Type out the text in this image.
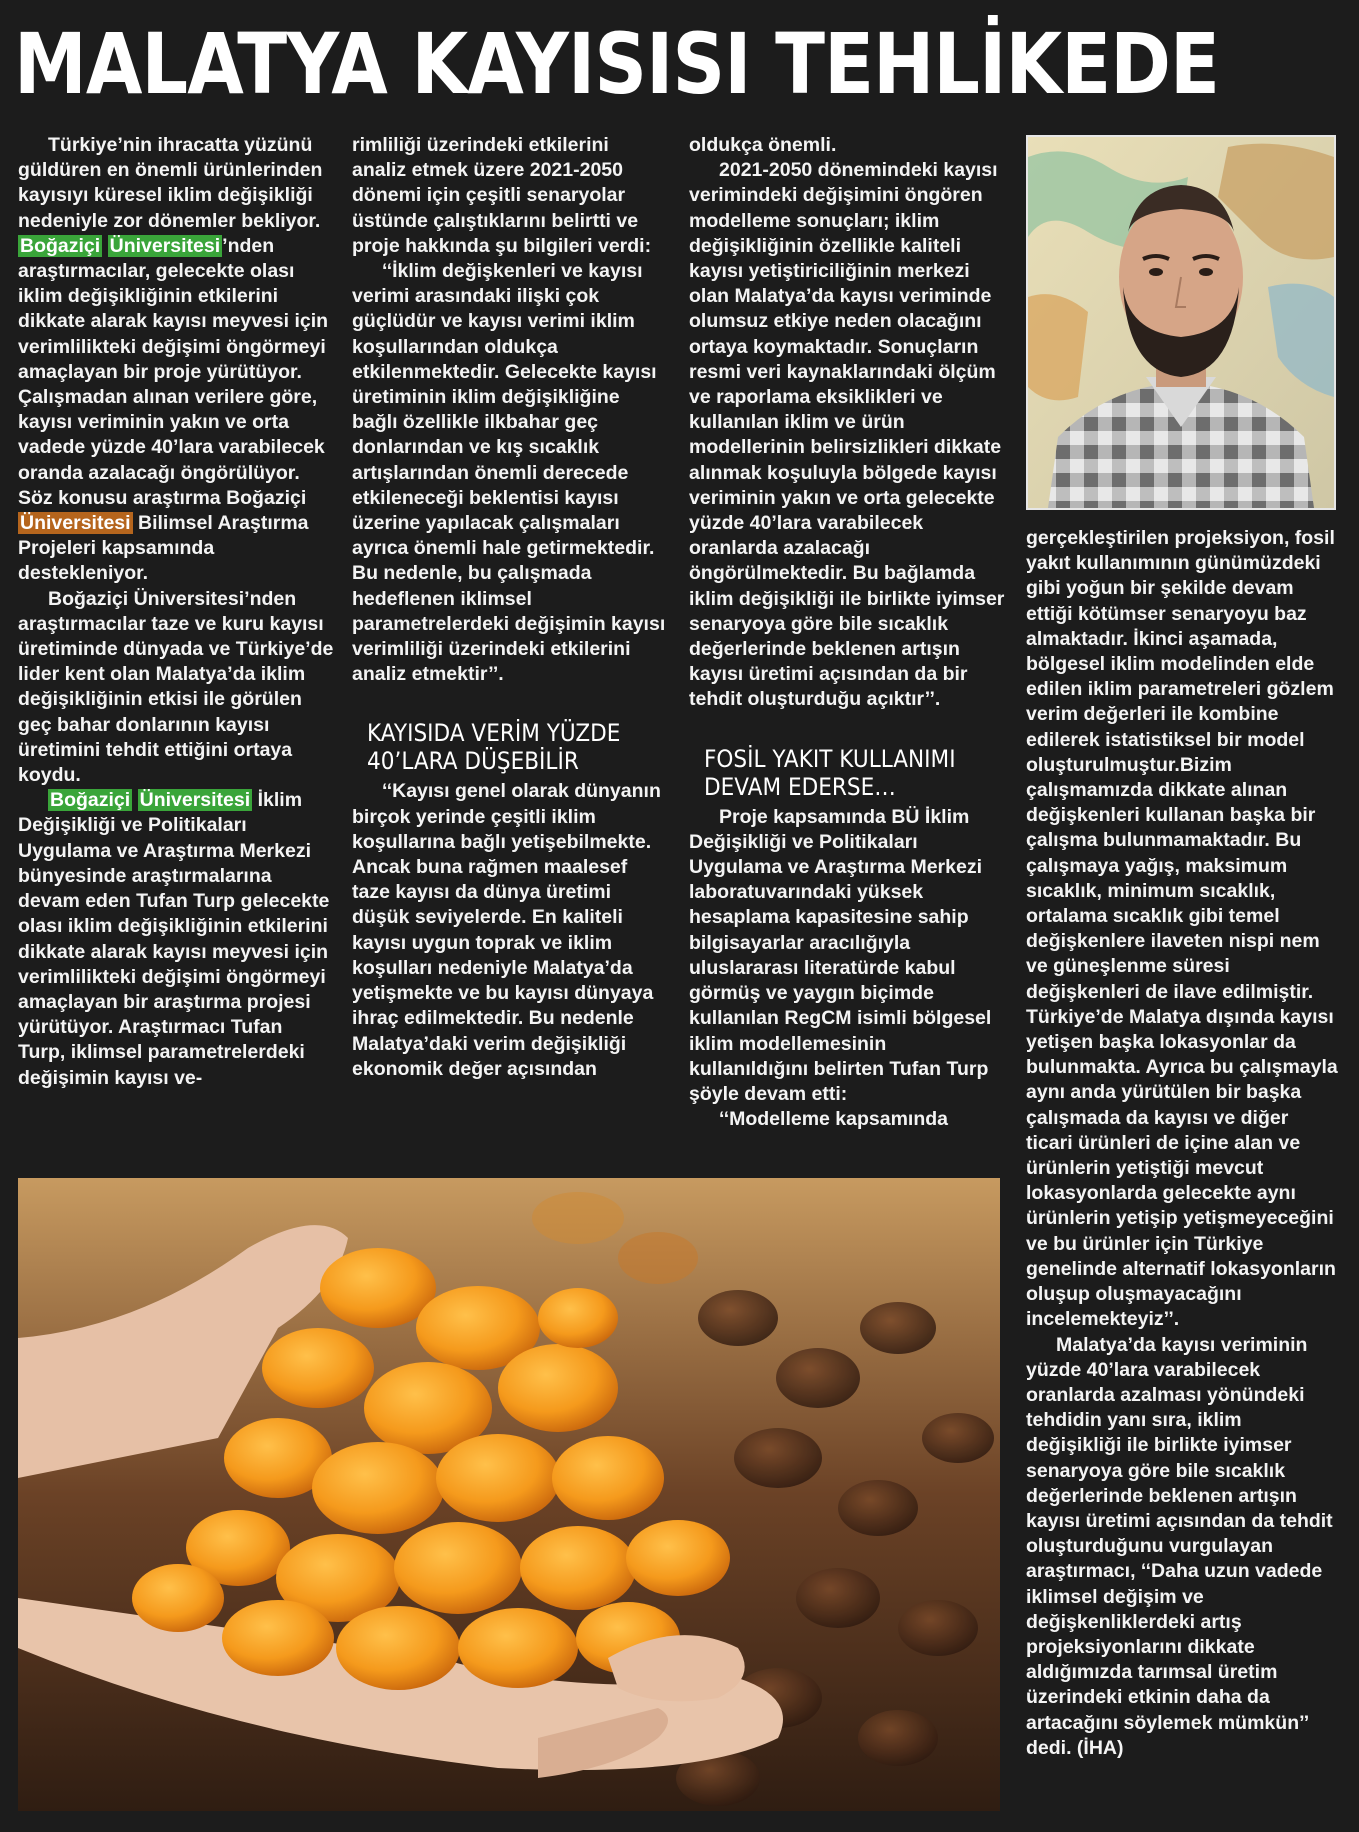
MALATYA KAYISISI TEHLİKEDE

Türkiye’nin ihracatta yüzünü güldüren en önemli ürünlerinden kayısıyı küresel iklim değişikliği nedeniyle zor dönemler bekliyor. Boğaziçi Üniversitesi ’nden araştırmacılar, gelecekte olası iklim değişikliğinin etkilerini dikkate alarak kayısı meyvesi için verimlilikteki değişimi öngörmeyi amaçlayan bir proje yürütüyor. Çalışmadan alınan verilere göre, kayısı veriminin yakın ve orta vadede yüzde 40’lara varabilecek oranda azalacağı öngörülüyor. Söz konusu araştırma Boğaziçi Üniversitesi Bilimsel Araştırma Projeleri kapsamında destekleniyor.

Boğaziçi Üniversitesi’nden araştırmacılar taze ve kuru kayısı üretiminde dünyada ve Türkiye’de lider kent olan Malatya’da iklim değişikliğinin etkisi ile görülen geç bahar donlarının kayısı üretimini tehdit ettiğini ortaya koydu.

Boğaziçi Üniversitesi İklim Değişikliği ve Politikaları Uygulama ve Araştırma Merkezi bünyesinde araştırmalarına devam eden Tufan Turp gelecekte olası iklim değişikliğinin etkilerini dikkate alarak kayısı meyvesi için verimlilikteki değişimi öngörmeyi amaçlayan bir araştırma projesi yürütüyor. Araştırmacı Tufan Turp, iklimsel parametrelerdeki değişimin kayısı ve-

rimliliği üzerindeki etkilerini analiz etmek üzere 2021-2050 dönemi için çeşitli senaryolar üstünde çalıştıklarını belirtti ve proje hakkında şu bilgileri verdi:

‘‘İklim değişkenleri ve kayısı verimi arasındaki ilişki çok güçlüdür ve kayısı verimi iklim koşullarından oldukça etkilenmektedir. Gelecekte kayısı üretiminin iklim değişikliğine bağlı özellikle ilkbahar geç donlarından ve kış sıcaklık artışlarından önemli derecede etkileneceği beklentisi kayısı üzerine yapılacak çalışmaları ayrıca önemli hale getirmektedir. Bu nedenle, bu çalışmada hedeflenen iklimsel parametrelerdeki değişimin kayısı verimliliği üzerindeki etkilerini analiz etmektir’’.

KAYISIDA VERİM YÜZDE
40’LARA DÜŞEBİLİR

‘‘Kayısı genel olarak dünyanın birçok yerinde çeşitli iklim koşullarına bağlı yetişebilmekte. Ancak buna rağmen maalesef taze kayısı da dünya üretimi düşük seviyelerde. En kaliteli kayısı uygun toprak ve iklim koşulları nedeniyle Malatya’da yetişmekte ve bu kayısı dünyaya ihraç edilmektedir. Bu nedenle Malatya’daki verim değişikliği ekonomik değer açısından

oldukça önemli.

2021-2050 dönemindeki kayısı verimindeki değişimini öngören modelleme sonuçları; iklim değişikliğinin özellikle kaliteli kayısı yetiştiriciliğinin merkezi olan Malatya’da kayısı veriminde olumsuz etkiye neden olacağını ortaya koymaktadır. Sonuçların resmi veri kaynaklarındaki ölçüm ve raporlama eksiklikleri ve kullanılan iklim ve ürün modellerinin belirsizlikleri dikkate alınmak koşuluyla bölgede kayısı veriminin yakın ve orta gelecekte yüzde 40’lara varabilecek oranlarda azalacağı öngörülmektedir. Bu bağlamda iklim değişikliği ile birlikte iyimser senaryoya göre bile sıcaklık değerlerinde beklenen artışın kayısı üretimi açısından da bir tehdit oluşturduğu açıktır’’.

FOSİL YAKIT KULLANIMI
DEVAM EDERSE…

Proje kapsamında BÜ İklim Değişikliği ve Politikaları Uygulama ve Araştırma Merkezi laboratuvarındaki yüksek hesaplama kapasitesine sahip bilgisayarlar aracılığıyla uluslararası literatürde kabul görmüş ve yaygın biçimde kullanılan RegCM isimli bölgesel iklim modellemesinin kullanıldığını belirten Tufan Turp şöyle devam etti:

‘‘Modelleme kapsamında

gerçekleştirilen projeksiyon, fosil yakıt kullanımının günümüzdeki gibi yoğun bir şekilde devam ettiği kötümser senaryoyu baz almaktadır. İkinci aşamada, bölgesel iklim modelinden elde edilen iklim parametreleri gözlem verim değerleri ile kombine edilerek istatistiksel bir model oluşturulmuştur.Bizim çalışmamızda dikkate alınan değişkenleri kullanan başka bir çalışma bulunmamaktadır. Bu çalışmaya yağış, maksimum sıcaklık, minimum sıcaklık, ortalama sıcaklık gibi temel değişkenlere ilaveten nispi nem ve güneşlenme süresi değişkenleri de ilave edilmiştir. Türkiye’de Malatya dışında kayısı yetişen başka lokasyonlar da bulunmakta. Ayrıca bu çalışmayla aynı anda yürütülen bir başka çalışmada da kayısı ve diğer ticari ürünleri de içine alan ve ürünlerin yetiştiği mevcut lokasyonlarda gelecekte aynı ürünlerin yetişip yetişmeyeceğini ve bu ürünler için Türkiye genelinde alternatif lokasyonların oluşup oluşmayacağını incelemekteyiz’’.

Malatya’da kayısı veriminin yüzde 40’lara varabilecek oranlarda azalması yönündeki tehdidin yanı sıra, iklim değişikliği ile birlikte iyimser senaryoya göre bile sıcaklık değerlerinde beklenen artışın kayısı üretimi açısından da tehdit oluşturduğunu vurgulayan araştırmacı, ‘‘Daha uzun vadede iklimsel değişim ve değişkenliklerdeki artış projeksiyonlarını dikkate aldığımızda tarımsal üretim üzerindeki etkinin daha da artacağını söylemek mümkün’’ dedi. (İHA)
